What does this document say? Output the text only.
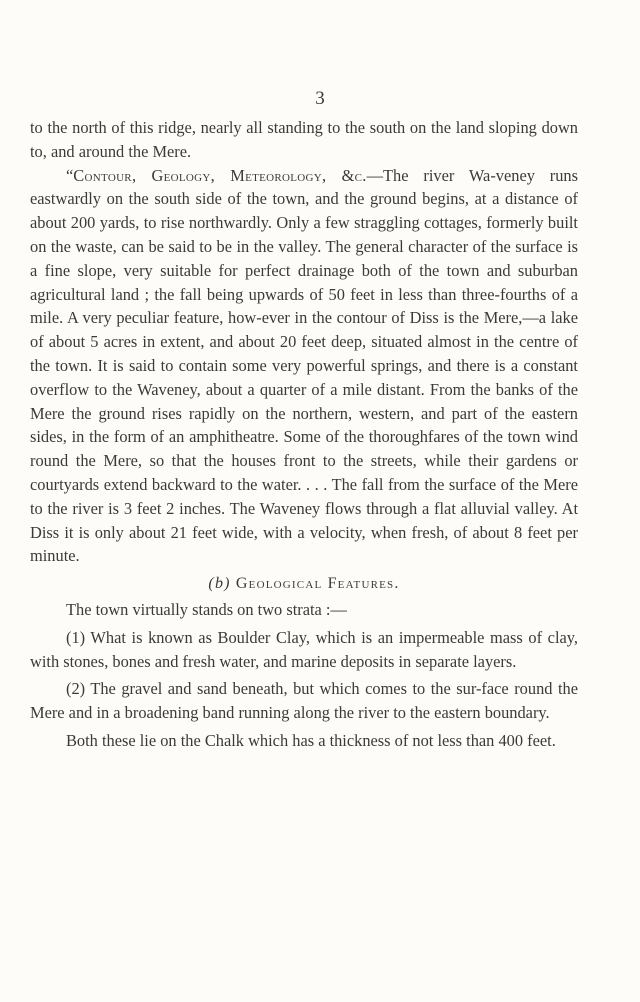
3

to the north of this ridge, nearly all standing to the south on the land sloping down to, and around the Mere.

“Contour, Geology, Meteorology, &c.—The river Wa-veney runs eastwardly on the south side of the town, and the ground begins, at a distance of about 200 yards, to rise northwardly. Only a few straggling cottages, formerly built on the waste, can be said to be in the valley. The general character of the surface is a fine slope, very suitable for perfect drainage both of the town and suburban agricultural land ; the fall being upwards of 50 feet in less than three-fourths of a mile. A very peculiar feature, how-ever in the contour of Diss is the Mere,—a lake of about 5 acres in extent, and about 20 feet deep, situated almost in the centre of the town. It is said to contain some very powerful springs, and there is a constant overflow to the Waveney, about a quarter of a mile distant. From the banks of the Mere the ground rises rapidly on the northern, western, and part of the eastern sides, in the form of an amphitheatre. Some of the thoroughfares of the town wind round the Mere, so that the houses front to the streets, while their gardens or courtyards extend backward to the water. . . . The fall from the surface of the Mere to the river is 3 feet 2 inches. The Waveney flows through a flat alluvial valley. At Diss it is only about 21 feet wide, with a velocity, when fresh, of about 8 feet per minute.

(b) Geological Features.

The town virtually stands on two strata :—

(1) What is known as Boulder Clay, which is an impermeable mass of clay, with stones, bones and fresh water, and marine deposits in separate layers.

(2) The gravel and sand beneath, but which comes to the sur-face round the Mere and in a broadening band running along the river to the eastern boundary.

Both these lie on the Chalk which has a thickness of not less than 400 feet.
